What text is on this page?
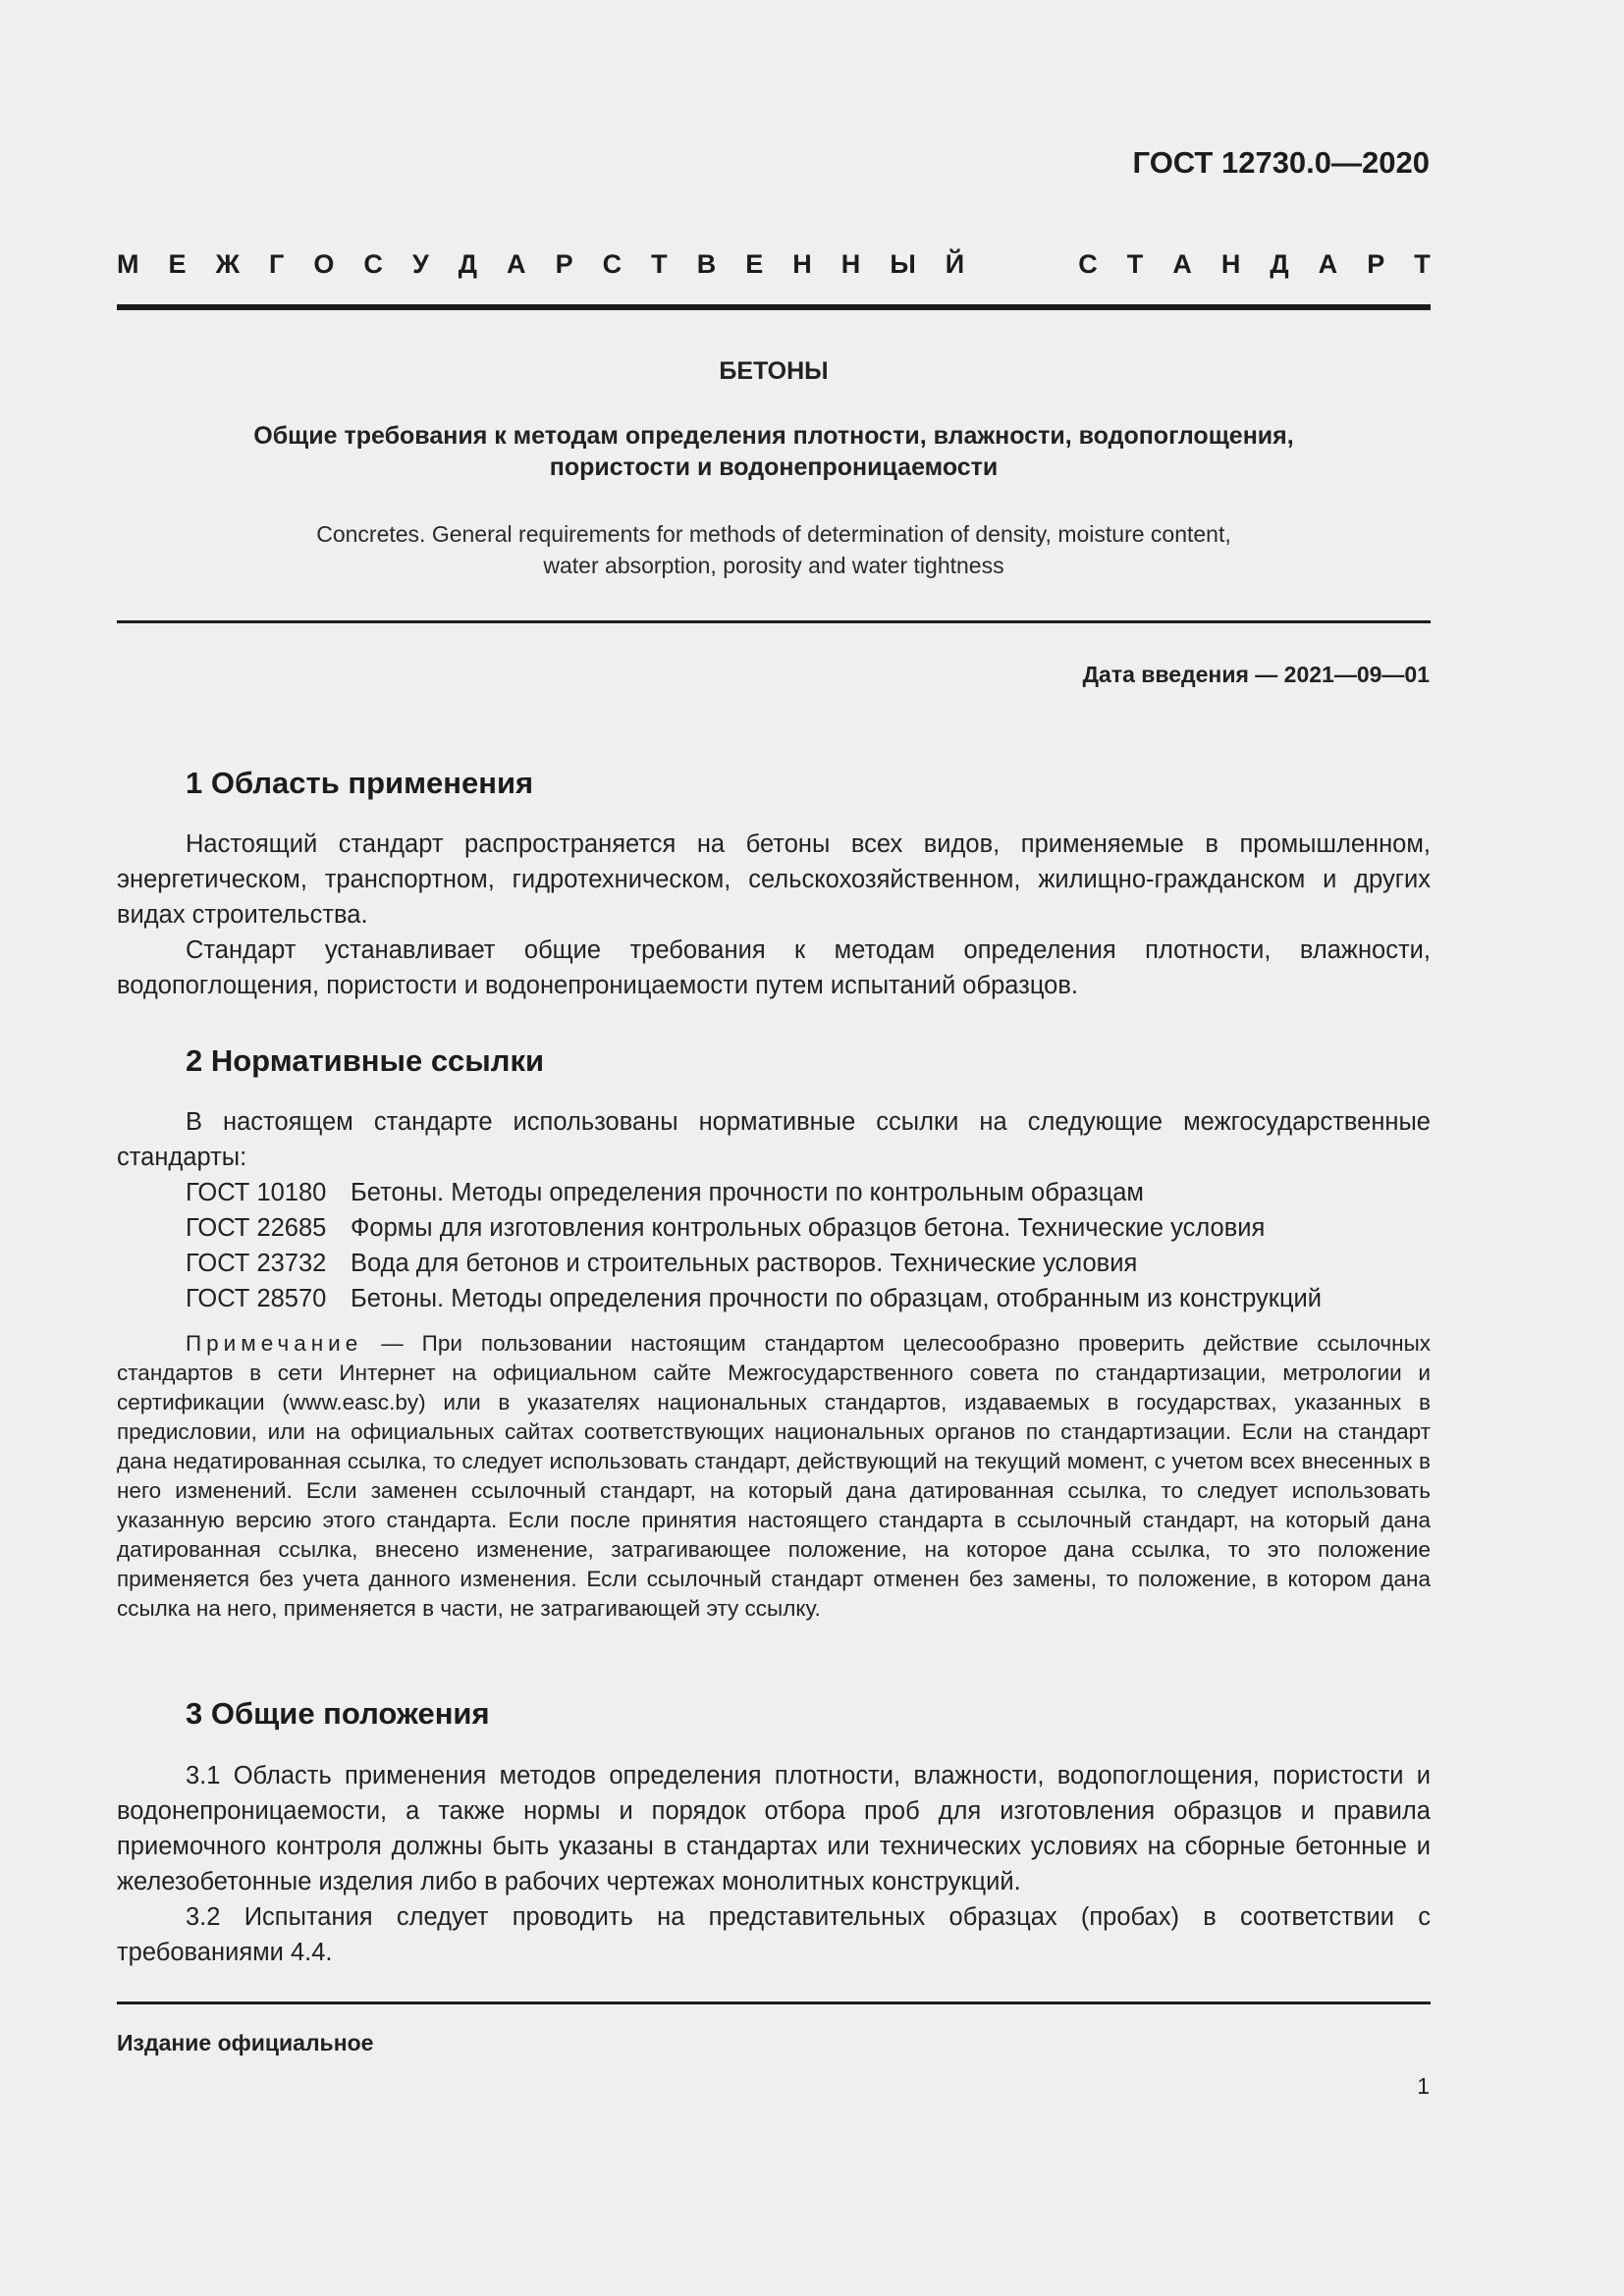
ГОСТ 12730.0—2020
М Е Ж Г О С У Д А Р С Т В Е Н Н Ы Й	С Т А Н Д А Р Т
БЕТОНЫ
Общие требования к методам определения плотности, влажности, водопоглощения,
пористости и водонепроницаемости
Concretes. General requirements for methods of determination of density, moisture content,
water absorption, porosity and water tightness
Дата введения — 2021—09—01
1 Область применения

Настоящий стандарт распространяется на бетоны всех видов, применяемые в промышленном, энергетическом, транспортном, гидротехническом, сельскохозяйственном, жилищно-гражданском и других видах строительства.

Стандарт устанавливает общие требования к методам определения плотности, влажности, водопоглощения, пористости и водонепроницаемости путем испытаний образцов.

2 Нормативные ссылки

В настоящем стандарте использованы нормативные ссылки на следующие межгосударственные стандарты:

ГОСТ 10180 Бетоны. Методы определения прочности по контрольным образцам
ГОСТ 22685 Формы для изготовления контрольных образцов бетона. Технические условия
ГОСТ 23732 Вода для бетонов и строительных растворов. Технические условия
ГОСТ 28570 Бетоны. Методы определения прочности по образцам, отобранным из конструкций

Примечание — При пользовании настоящим стандартом целесообразно проверить действие ссылочных стандартов в сети Интернет на официальном сайте Межгосударственного совета по стандартизации, метрологии и сертификации (www.easc.by) или в указателях национальных стандартов, издаваемых в государствах, указанных в предисловии, или на официальных сайтах соответствующих национальных органов по стандартизации. Если на стандарт дана недатированная ссылка, то следует использовать стандарт, действующий на текущий момент, с учетом всех внесенных в него изменений. Если заменен ссылочный стандарт, на который дана датированная ссылка, то следует использовать указанную версию этого стандарта. Если после принятия настоящего стандарта в ссылочный стандарт, на который дана датированная ссылка, внесено изменение, затрагивающее положение, на которое дана ссылка, то это положение применяется без учета данного изменения. Если ссылочный стандарт отменен без замены, то положение, в котором дана ссылка на него, применяется в части, не затрагивающей эту ссылку.

3 Общие положения

3.1 Область применения методов определения плотности, влажности, водопоглощения, пористости и водонепроницаемости, а также нормы и порядок отбора проб для изготовления образцов и правила приемочного контроля должны быть указаны в стандартах или технических условиях на сборные бетонные и железобетонные изделия либо в рабочих чертежах монолитных конструкций.

3.2 Испытания следует проводить на представительных образцах (пробах) в соответствии с требованиями 4.4.

Издание официальное
1
